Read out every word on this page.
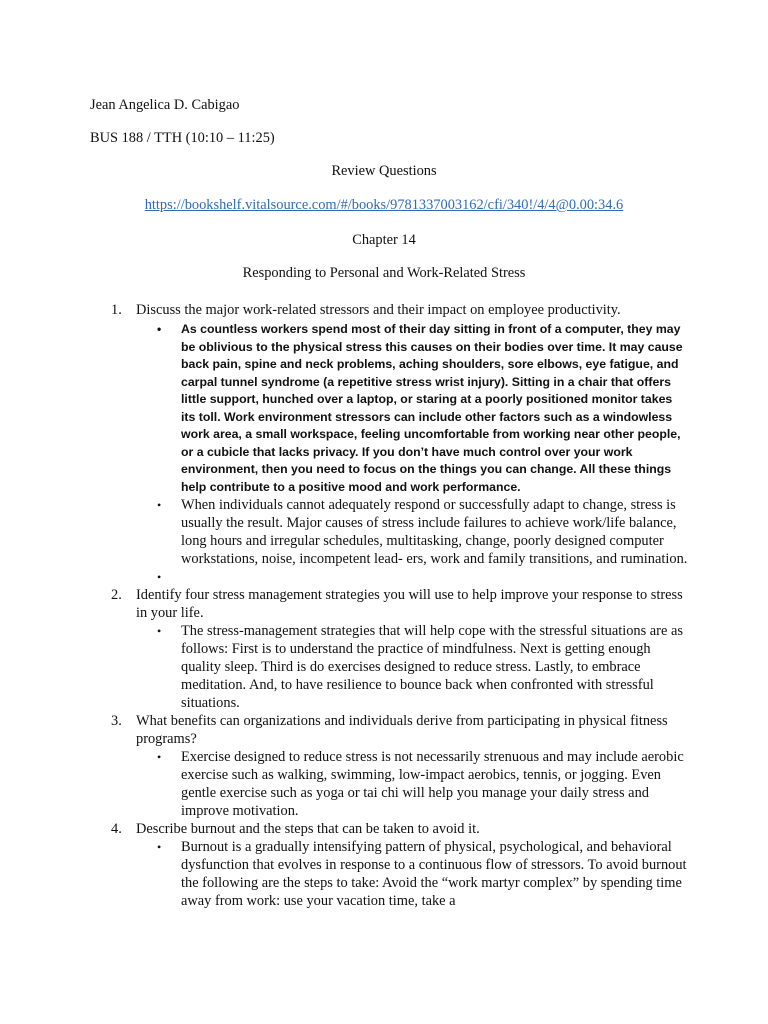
Jean Angelica D. Cabigao
BUS 188 / TTH (10:10 – 11:25)
Review Questions
https://bookshelf.vitalsource.com/#/books/9781337003162/cfi/340!/4/4@0.00:34.6
Chapter 14
Responding to Personal and Work-Related Stress
1. Discuss the major work-related stressors and their impact on employee productivity.
• As countless workers spend most of their day sitting in front of a computer, they may be oblivious to the physical stress this causes on their bodies over time. It may cause back pain, spine and neck problems, aching shoulders, sore elbows, eye fatigue, and carpal tunnel syndrome (a repetitive stress wrist injury). Sitting in a chair that offers little support, hunched over a laptop, or staring at a poorly positioned monitor takes its toll. Work environment stressors can include other factors such as a windowless work area, a small workspace, feeling uncomfortable from working near other people, or a cubicle that lacks privacy. If you don’t have much control over your work environment, then you need to focus on the things you can change. All these things help contribute to a positive mood and work performance.
• When individuals cannot adequately respond or successfully adapt to change, stress is usually the result. Major causes of stress include failures to achieve work/life balance, long hours and irregular schedules, multitasking, change, poorly designed computer workstations, noise, incompetent lead- ers, work and family transitions, and rumination.
•
2. Identify four stress management strategies you will use to help improve your response to stress in your life.
• The stress-management strategies that will help cope with the stressful situations are as follows: First is to understand the practice of mindfulness. Next is getting enough quality sleep. Third is do exercises designed to reduce stress. Lastly, to embrace meditation. And, to have resilience to bounce back when confronted with stressful situations.
3. What benefits can organizations and individuals derive from participating in physical fitness programs?
• Exercise designed to reduce stress is not necessarily strenuous and may include aerobic exercise such as walking, swimming, low-impact aerobics, tennis, or jogging. Even gentle exercise such as yoga or tai chi will help you manage your daily stress and improve motivation.
4. Describe burnout and the steps that can be taken to avoid it.
• Burnout is a gradually intensifying pattern of physical, psychological, and behavioral dysfunction that evolves in response to a continuous flow of stressors. To avoid burnout the following are the steps to take: Avoid the “work martyr complex” by spending time away from work: use your vacation time, take a
